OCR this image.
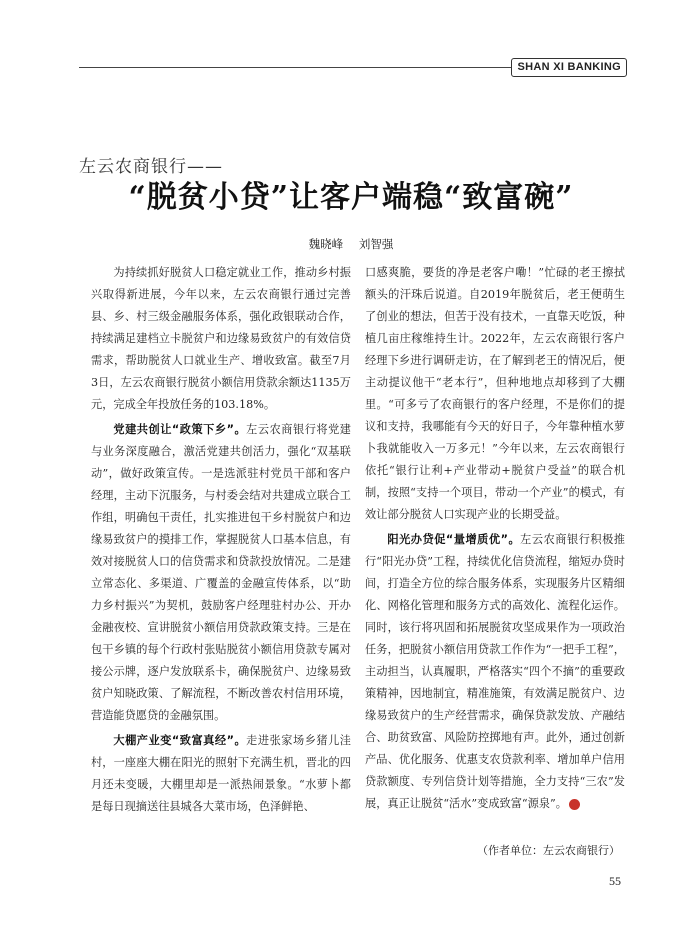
SHAN XI BANKING
左云农商银行——
“脱贫小贷”让客户端稳“致富碗”
魏晓峰 刘智强

为持续抓好脱贫人口稳定就业工作，推动乡村振兴取得新进展，今年以来，左云农商银行通过完善县、乡、村三级金融服务体系，强化政银联动合作，持续满足建档立卡脱贫户和边缘易致贫户的有效信贷需求，帮助脱贫人口就业生产、增收致富。截至7月3日，左云农商银行脱贫小额信用贷款余额达1135万元，完成全年投放任务的103.18%。

党建共创让“政策下乡”。左云农商银行将党建与业务深度融合，激活党建共创活力，强化“双基联动”，做好政策宣传。一是选派驻村党员干部和客户经理，主动下沉服务，与村委会结对共建成立联合工作组，明确包干责任，扎实推进包干乡村脱贫户和边缘易致贫户的摸排工作，掌握脱贫人口基本信息，有效对接脱贫人口的信贷需求和贷款投放情况。二是建立常态化、多渠道、广覆盖的金融宣传体系，以“助力乡村振兴”为契机，鼓励客户经理驻村办公、开办金融夜校、宣讲脱贫小额信用贷款政策支持。三是在包干乡镇的每个行政村张贴脱贫小额信用贷款专属对接公示牌，逐户发放联系卡，确保脱贫户、边缘易致贫户知晓政策、了解流程，不断改善农村信用环境，营造能贷愿贷的金融氛围。

大棚产业变“致富真经”。走进张家场乡猪儿洼村，一座座大棚在阳光的照射下充满生机，晋北的四月还未变暖，大棚里却是一派热闹景象。“水萝卜都是每日现摘送往县城各大菜市场，色泽鲜艳、

口感爽脆，要货的净是老客户嘞！”忙碌的老王擦拭额头的汗珠后说道。自2019年脱贫后，老王便萌生了创业的想法，但苦于没有技术，一直靠天吃饭，种植几亩庄稼维持生计。2022年，左云农商银行客户经理下乡进行调研走访，在了解到老王的情况后，便主动提议他干“老本行”，但种地地点却移到了大棚里。“可多亏了农商银行的客户经理，不是你们的提议和支持，我哪能有今天的好日子，今年靠种植水萝卜我就能收入一万多元！”今年以来，左云农商银行依托“银行让利+产业带动+脱贫户受益”的联合机制，按照“支持一个项目，带动一个产业”的模式，有效让部分脱贫人口实现产业的长期受益。

阳光办贷促“量增质优”。左云农商银行积极推行“阳光办贷”工程，持续优化信贷流程，缩短办贷时间，打造全方位的综合服务体系，实现服务片区精细化、网格化管理和服务方式的高效化、流程化运作。同时，该行将巩固和拓展脱贫攻坚成果作为一项政治任务，把脱贫小额信用贷款工作作为“一把手工程”，主动担当，认真履职，严格落实“四个不摘”的重要政策精神，因地制宜，精准施策，有效满足脱贫户、边缘易致贫户的生产经营需求，确保贷款发放、产融结合、助贫致富、风险防控掷地有声。此外，通过创新产品、优化服务、优惠支农贷款利率、增加单户信用贷款额度、专列信贷计划等措施，全力支持“三农”发展，真正让脱贫“活水”变成致富“源泉”。	❖

（作者单位：左云农商银行）
55
